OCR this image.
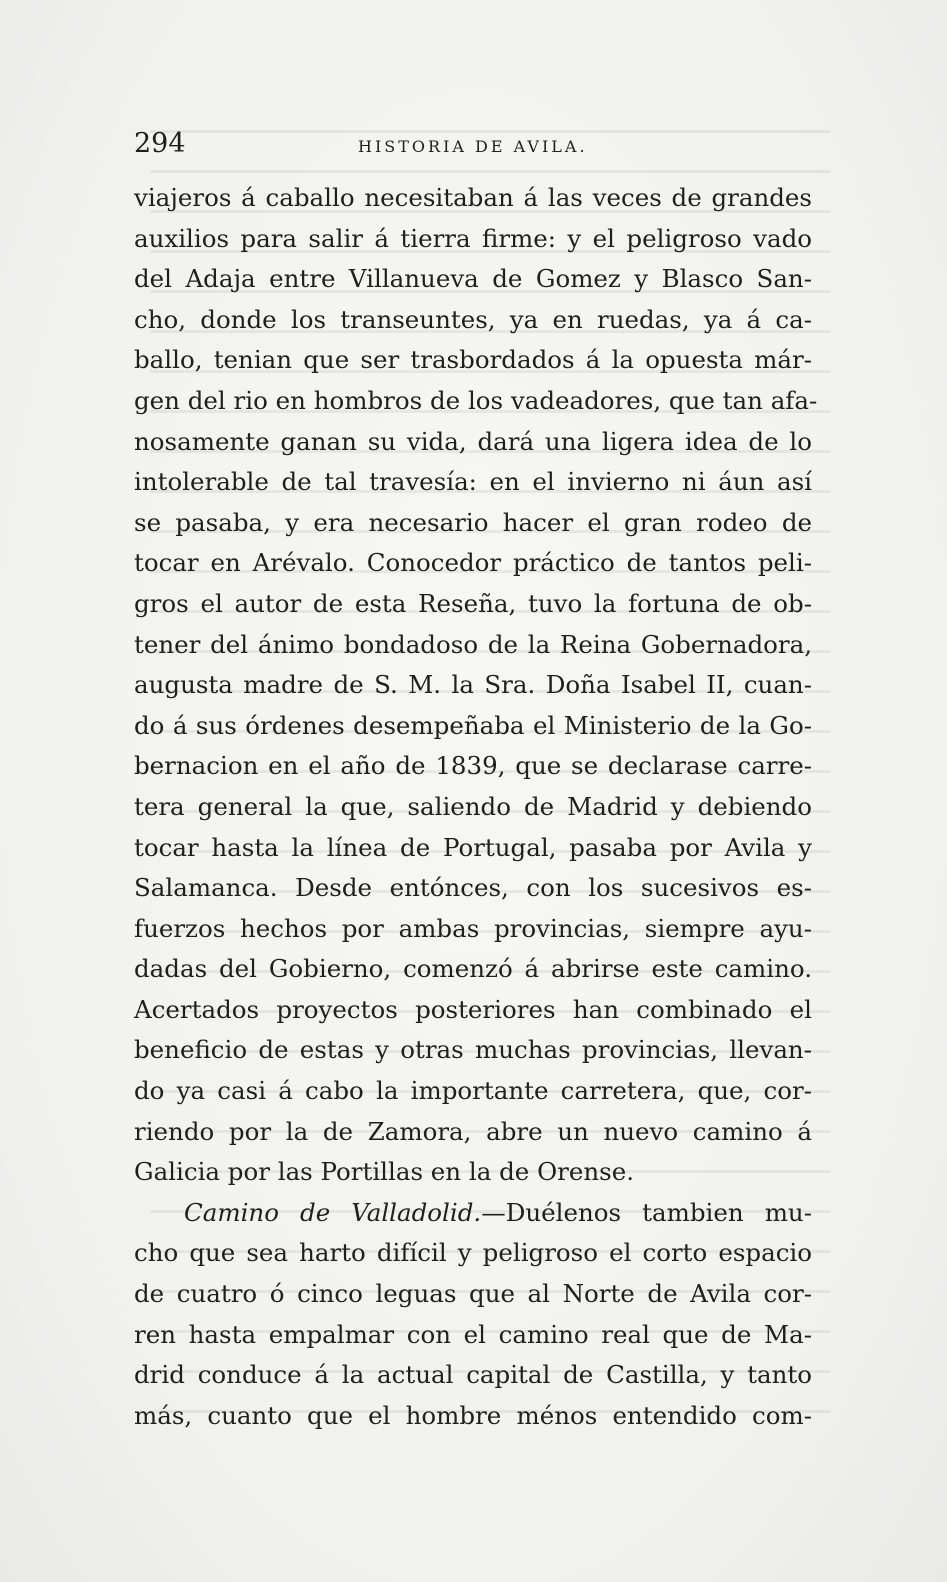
294	HISTORIA DE AVILA.
viajeros á caballo necesitaban á las veces de grandes
auxilios para salir á tierra firme: y el peligroso vado
del Adaja entre Villanueva de Gomez y Blasco San-
cho, donde los transeuntes, ya en ruedas, ya á ca-
ballo, tenian que ser trasbordados á la opuesta már-
gen del rio en hombros de los vadeadores, que tan afa-
nosamente ganan su vida, dará una ligera idea de lo
intolerable de tal travesía: en el invierno ni áun así
se pasaba, y era necesario hacer el gran rodeo de
tocar en Arévalo. Conocedor práctico de tantos peli-
gros el autor de esta Reseña, tuvo la fortuna de ob-
tener del ánimo bondadoso de la Reina Gobernadora,
augusta madre de S. M. la Sra. Doña Isabel II, cuan-
do á sus órdenes desempeñaba el Ministerio de la Go-
bernacion en el año de 1839, que se declarase carre-
tera general la que, saliendo de Madrid y debiendo
tocar hasta la línea de Portugal, pasaba por Avila y
Salamanca. Desde entónces, con los sucesivos es-
fuerzos hechos por ambas provincias, siempre ayu-
dadas del Gobierno, comenzó á abrirse este camino.
Acertados proyectos posteriores han combinado el
beneficio de estas y otras muchas provincias, llevan-
do ya casi á cabo la importante carretera, que, cor-
riendo por la de Zamora, abre un nuevo camino á
Galicia por las Portillas en la de Orense.
Camino de Valladolid.—Duélenos tambien mu-
cho que sea harto difícil y peligroso el corto espacio
de cuatro ó cinco leguas que al Norte de Avila cor-
ren hasta empalmar con el camino real que de Ma-
drid conduce á la actual capital de Castilla, y tanto
más, cuanto que el hombre ménos entendido com-
